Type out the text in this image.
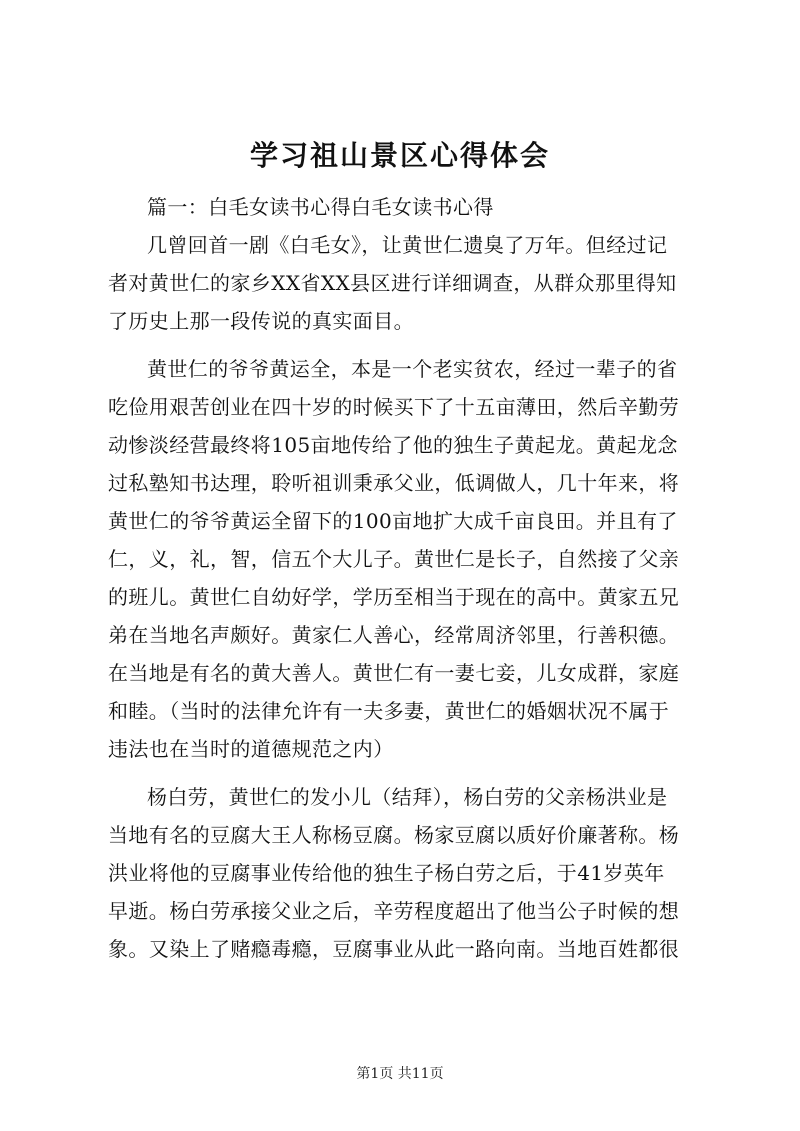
学习祖山景区心得体会
篇一：白毛女读书心得白毛女读书心得
几曾回首一剧《白毛女》，让黄世仁遗臭了万年。但经过记
者对黄世仁的家乡XX省XX县区进行详细调查，从群众那里得知
了历史上那一段传说的真实面目。
黄世仁的爷爷黄运全，本是一个老实贫农，经过一辈子的省
吃俭用艰苦创业在四十岁的时候买下了十五亩薄田，然后辛勤劳
动惨淡经营最终将105亩地传给了他的独生子黄起龙。黄起龙念
过私塾知书达理，聆听祖训秉承父业，低调做人，几十年来，将
黄世仁的爷爷黄运全留下的100亩地扩大成千亩良田。并且有了
仁，义，礼，智，信五个大儿子。黄世仁是长子，自然接了父亲
的班儿。黄世仁自幼好学，学历至相当于现在的高中。黄家五兄
弟在当地名声颇好。黄家仁人善心，经常周济邻里，行善积德。
在当地是有名的黄大善人。黄世仁有一妻七妾，儿女成群，家庭
和睦。（当时的法律允许有一夫多妻，黄世仁的婚姻状况不属于
违法也在当时的道德规范之内）
杨白劳，黄世仁的发小儿（结拜），杨白劳的父亲杨洪业是
当地有名的豆腐大王人称杨豆腐。杨家豆腐以质好价廉著称。杨
洪业将他的豆腐事业传给他的独生子杨白劳之后，于41岁英年
早逝。杨白劳承接父业之后，辛劳程度超出了他当公子时候的想
象。又染上了赌瘾毒瘾，豆腐事业从此一路向南。当地百姓都很
第1页 共11页
